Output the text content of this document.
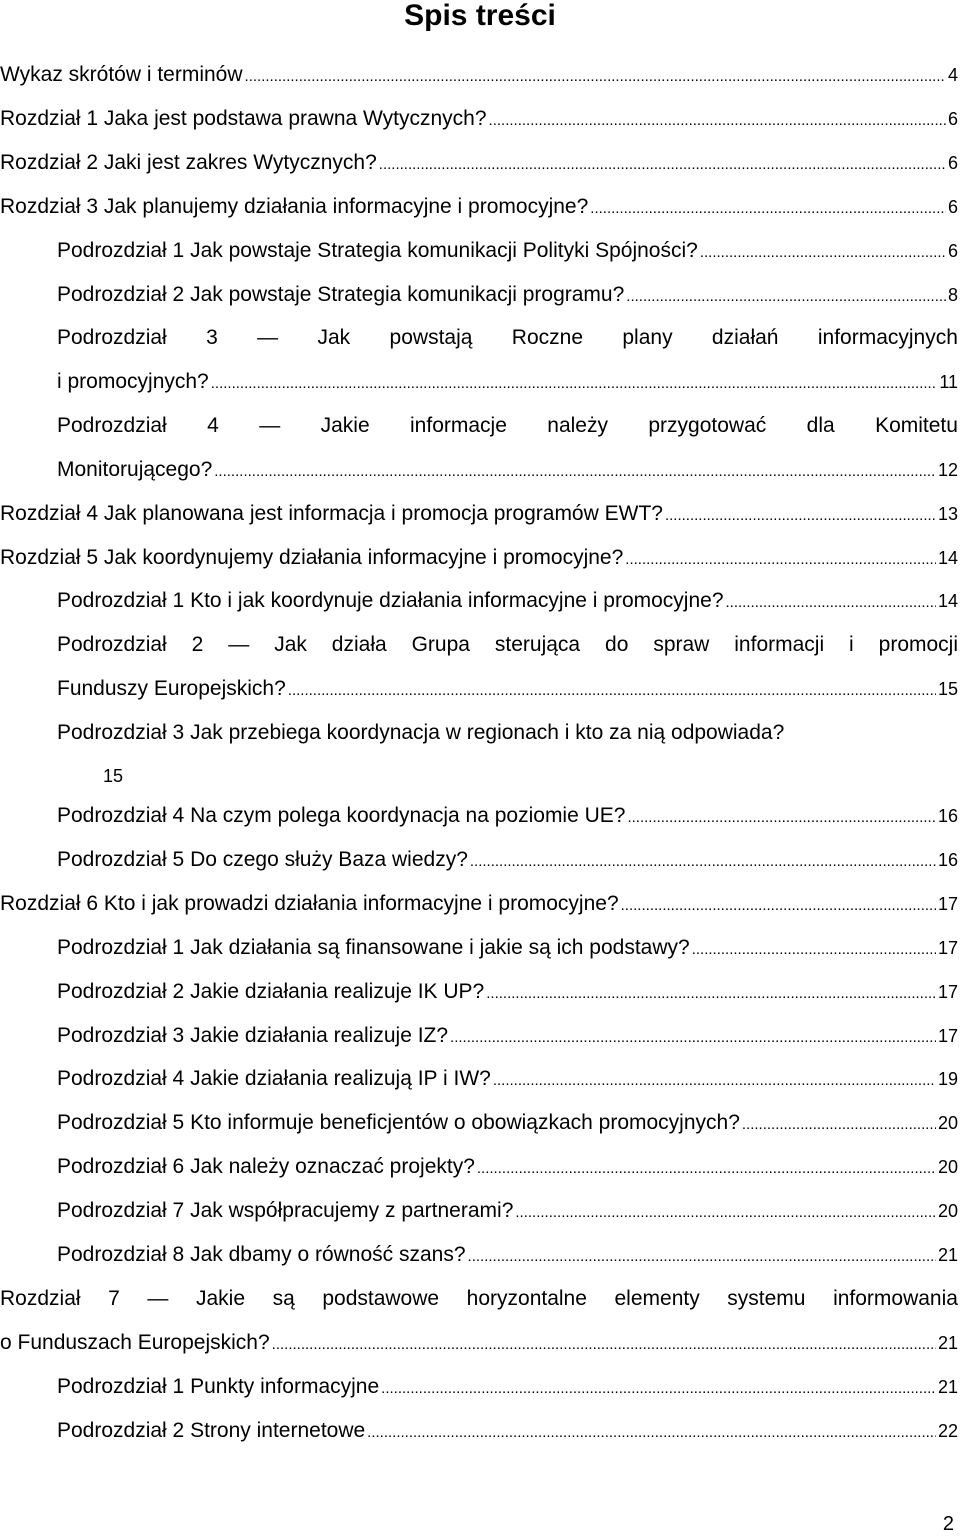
Spis treści
Wykaz skrótów i terminów .....	4
Rozdział 1 Jaka jest podstawa prawna Wytycznych? .....	6
Rozdział 2 Jaki jest zakres Wytycznych? .....	6
Rozdział 3 Jak planujemy działania informacyjne i promocyjne? .....	6
Podrozdział 1 Jak powstaje Strategia komunikacji Polityki Spójności? .....	6
Podrozdział 2 Jak powstaje Strategia komunikacji programu? .....	8
Podrozdział 3 — Jak powstają Roczne plany działań informacyjnych
i promocyjnych? .....	11
Podrozdział 4 — Jakie informacje należy przygotować dla Komitetu
Monitorującego? .....	12
Rozdział 4 Jak planowana jest informacja i promocja programów EWT? .....	13
Rozdział 5 Jak koordynujemy działania informacyjne i promocyjne? .....	14
Podrozdział 1 Kto i jak koordynuje działania informacyjne i promocyjne? .....	14
Podrozdział 2 — Jak działa Grupa sterująca do spraw informacji i promocji
Funduszy Europejskich? .....	15
Podrozdział 3 Jak przebiega koordynacja w regionach i kto za nią odpowiada?
15
Podrozdział 4 Na czym polega koordynacja na poziomie UE? .....	16
Podrozdział 5 Do czego służy Baza wiedzy? .....	16
Rozdział 6 Kto i jak prowadzi działania informacyjne i promocyjne? .....	17
Podrozdział 1 Jak działania są finansowane i jakie są ich podstawy? .....	17
Podrozdział 2 Jakie działania realizuje IK UP? .....	17
Podrozdział 3 Jakie działania realizuje IZ? .....	17
Podrozdział 4 Jakie działania realizują IP i IW? .....	19
Podrozdział 5 Kto informuje beneficjentów o obowiązkach promocyjnych? .....	20
Podrozdział 6 Jak należy oznaczać projekty? .....	20
Podrozdział 7 Jak współpracujemy z partnerami? .....	20
Podrozdział 8 Jak dbamy o równość szans? .....	21
Rozdział 7 — Jakie są podstawowe horyzontalne elementy systemu informowania
o Funduszach Europejskich? .....	21
Podrozdział 1 Punkty informacyjne .....	21
Podrozdział 2 Strony internetowe .....	22
2
